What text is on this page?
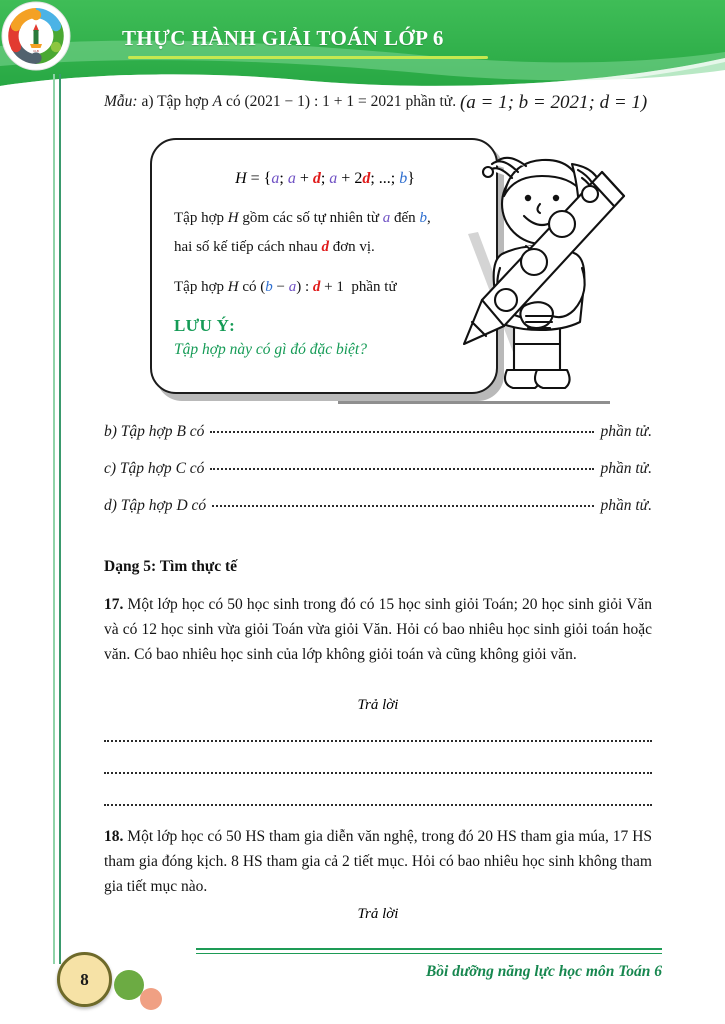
THỰC HÀNH GIẢI TOÁN LỚP 6
CLB
Mẫu: a) Tập hợp A có (2021 − 1) : 1 + 1 = 2021 phần tử. (a = 1; b = 2021; d = 1)
H = {a; a + d; a + 2d; ...; b}
Tập hợp H gồm các số tự nhiên từ a đến b,
hai số kế tiếp cách nhau d đơn vị.
Tập hợp H có (b − a) : d + 1  phần tử
LƯU Ý:
Tập hợp này có gì đó đặc biệt?
b) Tập hợp
B
có	phần tử.
c) Tập hợp
C
có	phần tử.
d) Tập hợp
D
có	phần tử.
Dạng 5: Tìm thực tế
17. Một lớp học có 50 học sinh trong đó có 15 học sinh giỏi Toán; 20 học sinh giỏi Văn và có 12 học sinh vừa giỏi Toán vừa giỏi Văn. Hỏi có bao nhiêu học sinh giỏi toán hoặc văn. Có bao nhiêu học sinh của lớp không giỏi toán và cũng không giỏi văn.
Trả lời
18. Một lớp học có 50 HS tham gia diễn văn nghệ, trong đó 20 HS tham gia múa, 17 HS tham gia đóng kịch. 8 HS tham gia cả 2 tiết mục. Hỏi có bao nhiêu học sinh không tham gia tiết mục nào.
Trả lời
8	Bồi dưỡng năng lực học môn Toán 6
